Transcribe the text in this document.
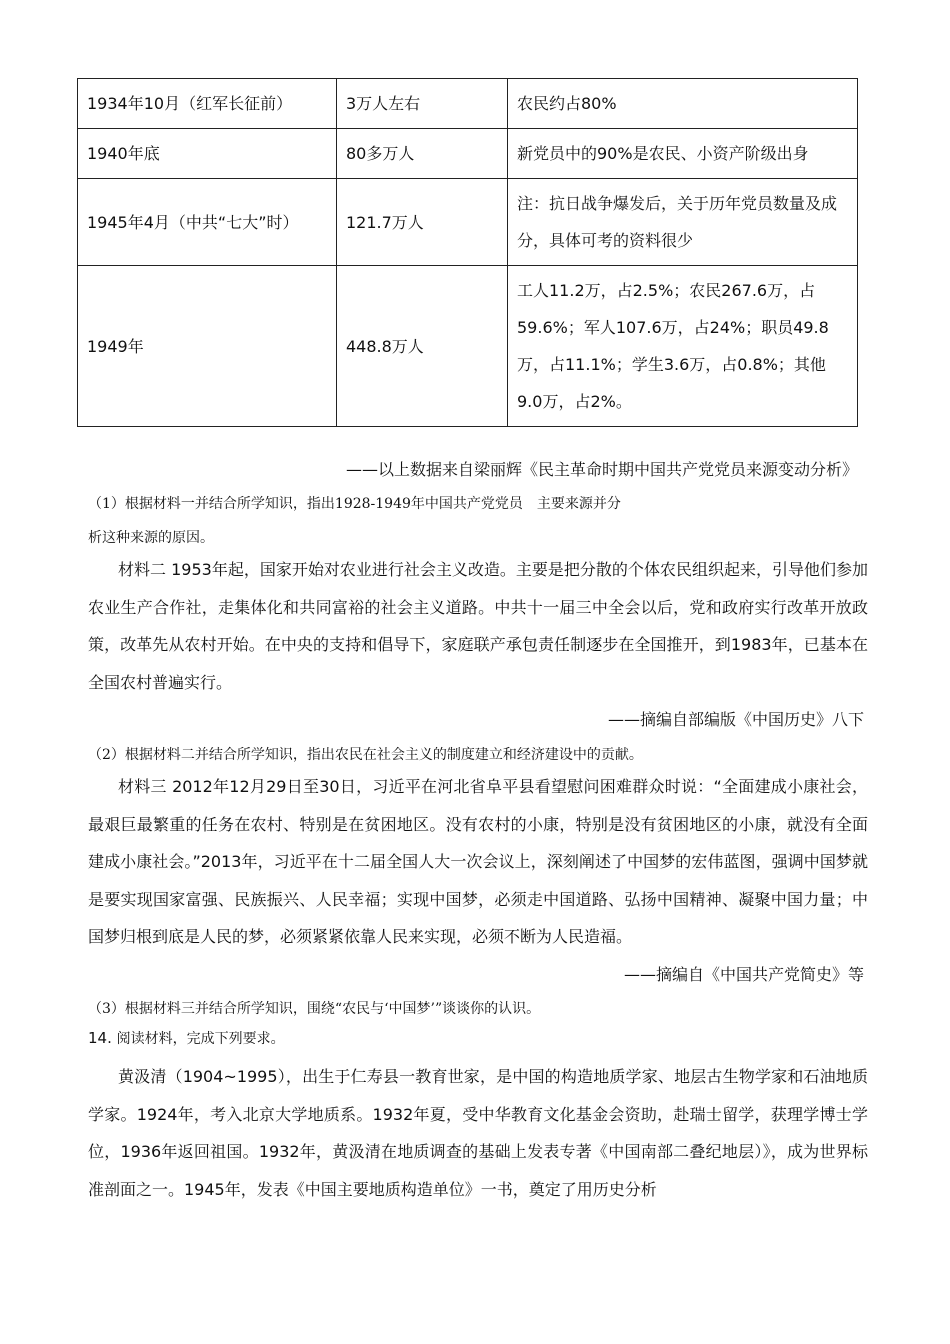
1934年10月（红军长征前）	3万人左右	农民约占80%
1940年底	80多万人	新党员中的90%是农民、小资产阶级出身
1945年4月（中共“七大”时）	121.7万人	注：抗日战争爆发后，关于历年党员数量及成分，具体可考的资料很少
1949年	448.8万人	工人11.2万，占2.5%；农民267.6万，占59.6%；军人107.6万，占24%；职员49.8万，占11.1%；学生3.6万，占0.8%；其他9.0万，占2%。
——以上数据来自梁丽辉《民主革命时期中国共产党党员来源变动分析》
（1）根据材料一并结合所学知识，指出1928-1949年中国共产党党员　主要来源并分
析这种来源的原因。
材料二 1953年起，国家开始对农业进行社会主义改造。主要是把分散的个体农民组织起来，引导他们参加农业生产合作社，走集体化和共同富裕的社会主义道路。中共十一届三中全会以后，党和政府实行改革开放政策，改革先从农村开始。在中央的支持和倡导下，家庭联产承包责任制逐步在全国推开，到1983年，已基本在全国农村普遍实行。
——摘编自部编版《中国历史》八下
（2）根据材料二并结合所学知识，指出农民在社会主义的制度建立和经济建设中的贡献。
材料三 2012年12月29日至30日，习近平在河北省阜平县看望慰问困难群众时说：“全面建成小康社会，最艰巨最繁重的任务在农村、特别是在贫困地区。没有农村的小康，特别是没有贫困地区的小康，就没有全面建成小康社会。”2013年，习近平在十二届全国人大一次会议上，深刻阐述了中国梦的宏伟蓝图，强调中国梦就是要实现国家富强、民族振兴、人民幸福；实现中国梦，必须走中国道路、弘扬中国精神、凝聚中国力量；中国梦归根到底是人民的梦，必须紧紧依靠人民来实现，必须不断为人民造福。
——摘编自《中国共产党简史》等
（3）根据材料三并结合所学知识，围绕“农民与‘中国梦’”谈谈你的认识。
14. 阅读材料，完成下列要求。
黄汲清（1904~1995），出生于仁寿县一教育世家，是中国的构造地质学家、地层古生物学家和石油地质学家。1924年，考入北京大学地质系。1932年夏，受中华教育文化基金会资助，赴瑞士留学，获理学博士学位，1936年返回祖国。1932年，黄汲清在地质调查的基础上发表专著《中国南部二叠纪地层）》，成为世界标准剖面之一。1945年，发表《中国主要地质构造单位》一书，奠定了用历史分析
